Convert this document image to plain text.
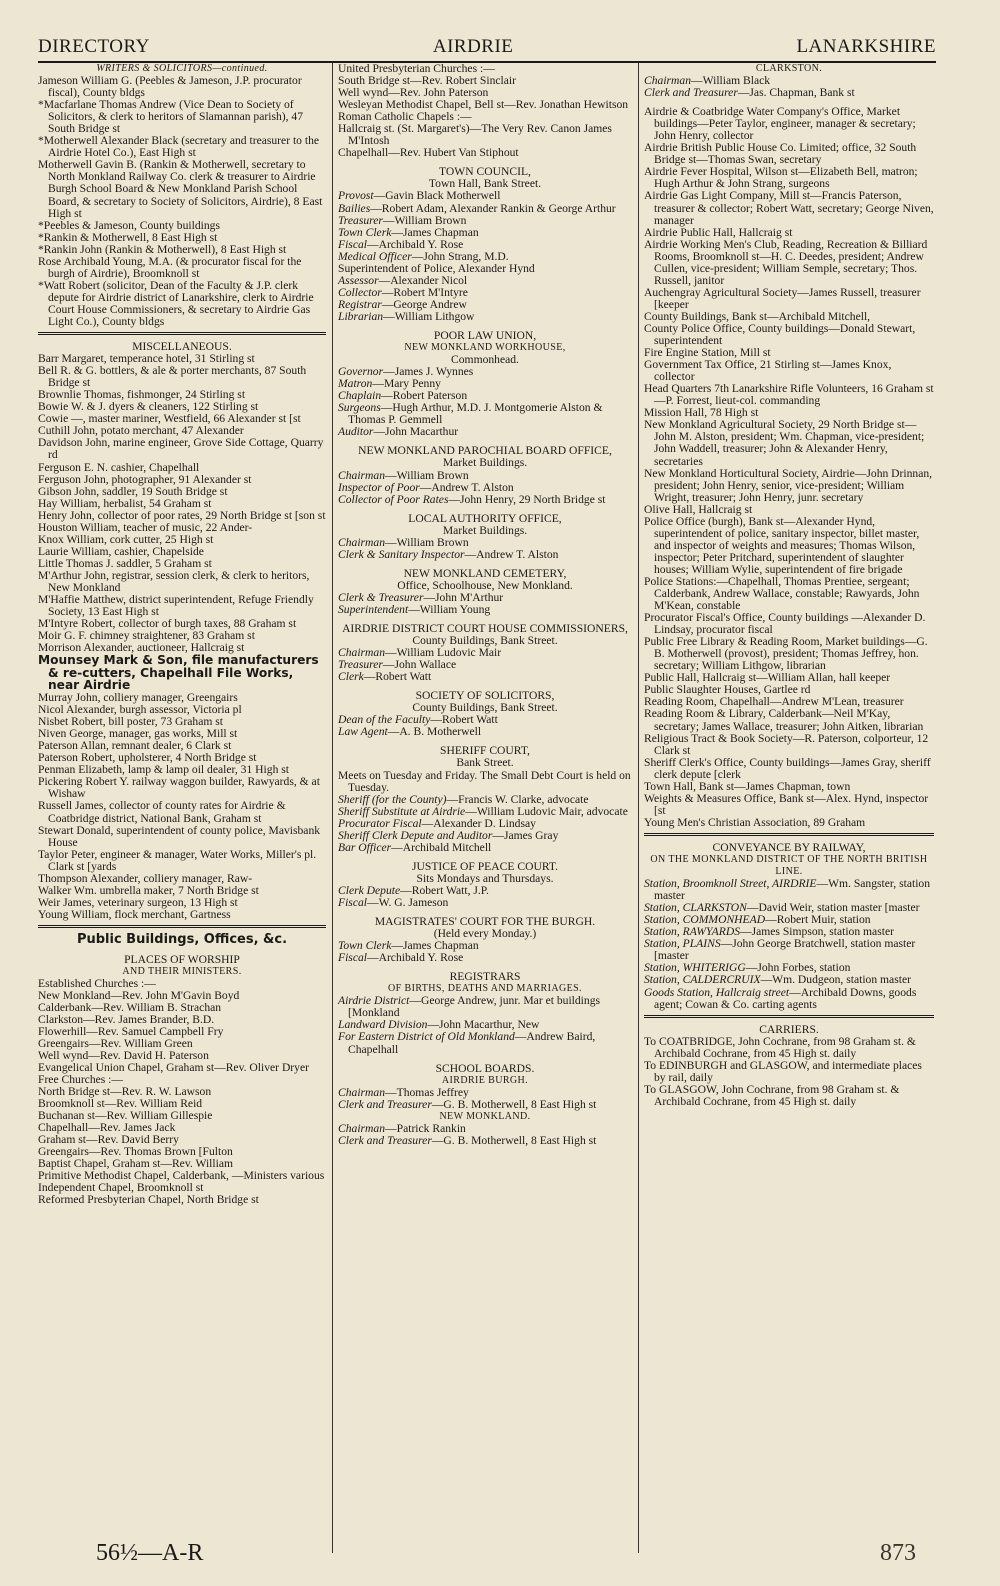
DIRECTORY	AIRDRIE	LANARKSHIRE

WRITERS & SOLICITORS—continued.

Jameson William G. (Peebles & Jameson, J.P. procurator fiscal), County bldgs

*Macfarlane Thomas Andrew (Vice Dean to Society of Solicitors, & clerk to heritors of Slamannan parish), 47 South Bridge st

*Motherwell Alexander Black (secretary and treasurer to the Airdrie Hotel Co.), East High st

Motherwell Gavin B. (Rankin & Motherwell, secretary to North Monkland Railway Co. clerk & treasurer to Airdrie Burgh School Board & New Monkland Parish School Board, & secretary to Society of Solicitors, Airdrie), 8 East High st

*Peebles & Jameson, County buildings

*Rankin & Motherwell, 8 East High st

*Rankin John (Rankin & Motherwell), 8 East High st

Rose Archibald Young, M.A. (& procurator fiscal for the burgh of Airdrie), Broomknoll st

*Watt Robert (solicitor, Dean of the Faculty & J.P. clerk depute for Airdrie district of Lanarkshire, clerk to Airdrie Court House Commissioners, & secretary to Airdrie Gas Light Co.), County bldgs

MISCELLANEOUS.

Barr Margaret, temperance hotel, 31 Stirling st

Bell R. & G. bottlers, & ale & porter merchants, 87 South Bridge st

Brownlie Thomas, fishmonger, 24 Stirling st

Bowie W. & J. dyers & cleaners, 122 Stirling st

Cowie —, master mariner, Westfield, 66 Alexander st [st

Cuthill John, potato merchant, 47 Alexander

Davidson John, marine engineer, Grove Side Cottage, Quarry rd

Ferguson E. N. cashier, Chapelhall

Ferguson John, photographer, 91 Alexander st

Gibson John, saddler, 19 South Bridge st

Hay William, herbalist, 54 Graham st

Henry John, collector of poor rates, 29 North Bridge st [son st

Houston William, teacher of music, 22 Ander-

Knox William, cork cutter, 25 High st

Laurie William, cashier, Chapelside

Little Thomas J. saddler, 5 Graham st

M'Arthur John, registrar, session clerk, & clerk to heritors, New Monkland

M'Haffie Matthew, district superintendent, Refuge Friendly Society, 13 East High st

M'Intyre Robert, collector of burgh taxes, 88 Graham st

Moir G. F. chimney straightener, 83 Graham st

Morrison Alexander, auctioneer, Hallcraig st

Mounsey Mark & Son, file manufacturers & re-cutters, Chapelhall File Works, near Airdrie

Murray John, colliery manager, Greengairs

Nicol Alexander, burgh assessor, Victoria pl

Nisbet Robert, bill poster, 73 Graham st

Niven George, manager, gas works, Mill st

Paterson Allan, remnant dealer, 6 Clark st

Paterson Robert, upholsterer, 4 North Bridge st

Penman Elizabeth, lamp & lamp oil dealer, 31 High st

Pickering Robert Y. railway waggon builder, Rawyards, & at Wishaw

Russell James, collector of county rates for Airdrie & Coatbridge district, National Bank, Graham st

Stewart Donald, superintendent of county police, Mavisbank House

Taylor Peter, engineer & manager, Water Works, Miller's pl. Clark st [yards

Thompson Alexander, colliery manager, Raw-

Walker Wm. umbrella maker, 7 North Bridge st

Weir James, veterinary surgeon, 13 High st

Young William, flock merchant, Gartness

Public Buildings, Offices, &c.

PLACES OF WORSHIP

AND THEIR MINISTERS.

Established Churches :—

New Monkland—Rev. John M'Gavin Boyd

Calderbank—Rev. William B. Strachan

Clarkston—Rev. James Brander, B.D.

Flowerhill—Rev. Samuel Campbell Fry

Greengairs—Rev. William Green

Well wynd—Rev. David H. Paterson

Evangelical Union Chapel, Graham st—Rev. Oliver Dryer

Free Churches :—

North Bridge st—Rev. R. W. Lawson

Broomknoll st—Rev. William Reid

Buchanan st—Rev. William Gillespie

Chapelhall—Rev. James Jack

Graham st—Rev. David Berry

Greengairs—Rev. Thomas Brown [Fulton

Baptist Chapel, Graham st—Rev. William

Primitive Methodist Chapel, Calderbank, —Ministers various

Independent Chapel, Broomknoll st

Reformed Presbyterian Chapel, North Bridge st

United Presbyterian Churches :—

South Bridge st—Rev. Robert Sinclair

Well wynd—Rev. John Paterson

Wesleyan Methodist Chapel, Bell st—Rev. Jonathan Hewitson

Roman Catholic Chapels :—

Hallcraig st. (St. Margaret's)—The Very Rev. Canon James M'Intosh

Chapelhall—Rev. Hubert Van Stiphout

TOWN COUNCIL,

Town Hall, Bank Street.

Provost—Gavin Black Motherwell

Bailies—Robert Adam, Alexander Rankin & George Arthur

Treasurer—William Brown

Town Clerk—James Chapman

Fiscal—Archibald Y. Rose

Medical Officer—John Strang, M.D.

Superintendent of Police, Alexander Hynd

Assessor—Alexander Nicol

Collector—Robert M'Intyre

Registrar—George Andrew

Librarian—William Lithgow

POOR LAW UNION,

NEW MONKLAND WORKHOUSE,

Commonhead.

Governor—James J. Wynnes

Matron—Mary Penny

Chaplain—Robert Paterson

Surgeons—Hugh Arthur, M.D. J. Montgomerie Alston & Thomas P. Gemmell

Auditor—John Macarthur

NEW MONKLAND PAROCHIAL BOARD OFFICE,

Market Buildings.

Chairman—William Brown

Inspector of Poor—Andrew T. Alston

Collector of Poor Rates—John Henry, 29 North Bridge st

LOCAL AUTHORITY OFFICE,

Market Buildings.

Chairman—William Brown

Clerk & Sanitary Inspector—Andrew T. Alston

NEW MONKLAND CEMETERY,

Office, Schoolhouse, New Monkland.

Clerk & Treasurer—John M'Arthur

Superintendent—William Young

AIRDRIE DISTRICT COURT HOUSE COMMISSIONERS,

County Buildings, Bank Street.

Chairman—William Ludovic Mair

Treasurer—John Wallace

Clerk—Robert Watt

SOCIETY OF SOLICITORS,

County Buildings, Bank Street.

Dean of the Faculty—Robert Watt

Law Agent—A. B. Motherwell

SHERIFF COURT,

Bank Street.

Meets on Tuesday and Friday. The Small Debt Court is held on Tuesday.

Sheriff (for the County)—Francis W. Clarke, advocate

Sheriff Substitute at Airdrie—William Ludovic Mair, advocate

Procurator Fiscal—Alexander D. Lindsay

Sheriff Clerk Depute and Auditor—James Gray

Bar Officer—Archibald Mitchell

JUSTICE OF PEACE COURT.

Sits Mondays and Thursdays.

Clerk Depute—Robert Watt, J.P.

Fiscal—W. G. Jameson

MAGISTRATES' COURT FOR THE BURGH.

(Held every Monday.)

Town Clerk—James Chapman

Fiscal—Archibald Y. Rose

REGISTRARS

OF BIRTHS, DEATHS AND MARRIAGES.

Airdrie District—George Andrew, junr. Mar et buildings [Monkland

Landward Division—John Macarthur, New

For Eastern District of Old Monkland—Andrew Baird, Chapelhall

SCHOOL BOARDS.

AIRDRIE BURGH.

Chairman—Thomas Jeffrey

Clerk and Treasurer—G. B. Motherwell, 8 East High st

NEW MONKLAND.

Chairman—Patrick Rankin

Clerk and Treasurer—G. B. Motherwell, 8 East High st

CLARKSTON.

Chairman—William Black

Clerk and Treasurer—Jas. Chapman, Bank st

Airdrie & Coatbridge Water Company's Office, Market buildings—Peter Taylor, engineer, manager & secretary; John Henry, collector

Airdrie British Public House Co. Limited; office, 32 South Bridge st—Thomas Swan, secretary

Airdrie Fever Hospital, Wilson st—Elizabeth Bell, matron; Hugh Arthur & John Strang, surgeons

Airdrie Gas Light Company, Mill st—Francis Paterson, treasurer & collector; Robert Watt, secretary; George Niven, manager

Airdrie Public Hall, Hallcraig st

Airdrie Working Men's Club, Reading, Recreation & Billiard Rooms, Broomknoll st—H. C. Deedes, president; Andrew Cullen, vice-president; William Semple, secretary; Thos. Russell, janitor

Auchengray Agricultural Society—James Russell, treasurer [keeper

County Buildings, Bank st—Archibald Mitchell,

County Police Office, County buildings—Donald Stewart, superintendent

Fire Engine Station, Mill st

Government Tax Office, 21 Stirling st—James Knox, collector

Head Quarters 7th Lanarkshire Rifle Volunteers, 16 Graham st—P. Forrest, lieut-col. commanding

Mission Hall, 78 High st

New Monkland Agricultural Society, 29 North Bridge st—John M. Alston, president; Wm. Chapman, vice-president; John Waddell, treasurer; John & Alexander Henry, secretaries

New Monkland Horticultural Society, Airdrie—John Drinnan, president; John Henry, senior, vice-president; William Wright, treasurer; John Henry, junr. secretary

Olive Hall, Hallcraig st

Police Office (burgh), Bank st—Alexander Hynd, superintendent of police, sanitary inspector, billet master, and inspector of weights and measures; Thomas Wilson, inspector; Peter Pritchard, superintendent of slaughter houses; William Wylie, superintendent of fire brigade

Police Stations:—Chapelhall, Thomas Prentiee, sergeant; Calderbank, Andrew Wallace, constable; Rawyards, John M'Kean, constable

Procurator Fiscal's Office, County buildings —Alexander D. Lindsay, procurator fiscal

Public Free Library & Reading Room, Market buildings—G. B. Motherwell (provost), president; Thomas Jeffrey, hon. secretary; William Lithgow, librarian

Public Hall, Hallcraig st—William Allan, hall keeper

Public Slaughter Houses, Gartlee rd

Reading Room, Chapelhall—Andrew M'Lean, treasurer

Reading Room & Library, Calderbank—Neil M'Kay, secretary; James Wallace, treasurer; John Aitken, librarian

Religious Tract & Book Society—R. Paterson, colporteur, 12 Clark st

Sheriff Clerk's Office, County buildings—James Gray, sheriff clerk depute [clerk

Town Hall, Bank st—James Chapman, town

Weights & Measures Office, Bank st—Alex. Hynd, inspector [st

Young Men's Christian Association, 89 Graham

CONVEYANCE BY RAILWAY,

ON THE MONKLAND DISTRICT OF THE NORTH BRITISH LINE.

Station, Broomknoll Street, AIRDRIE—Wm. Sangster, station master

Station, CLARKSTON—David Weir, station master [master

Station, COMMONHEAD—Robert Muir, station

Station, RAWYARDS—James Simpson, station master

Station, PLAINS—John George Bratchwell, station master [master

Station, WHITERIGG—John Forbes, station

Station, CALDERCRUIX—Wm. Dudgeon, station master

Goods Station, Hallcraig street—Archibald Downs, goods agent; Cowan & Co. carting agents

CARRIERS.

To COATBRIDGE, John Cochrane, from 98 Graham st. & Archibald Cochrane, from 45 High st. daily

To EDINBURGH and GLASGOW, and intermediate places by rail, daily

To GLASGOW, John Cochrane, from 98 Graham st. & Archibald Cochrane, from 45 High st. daily

56½—A-R	873
